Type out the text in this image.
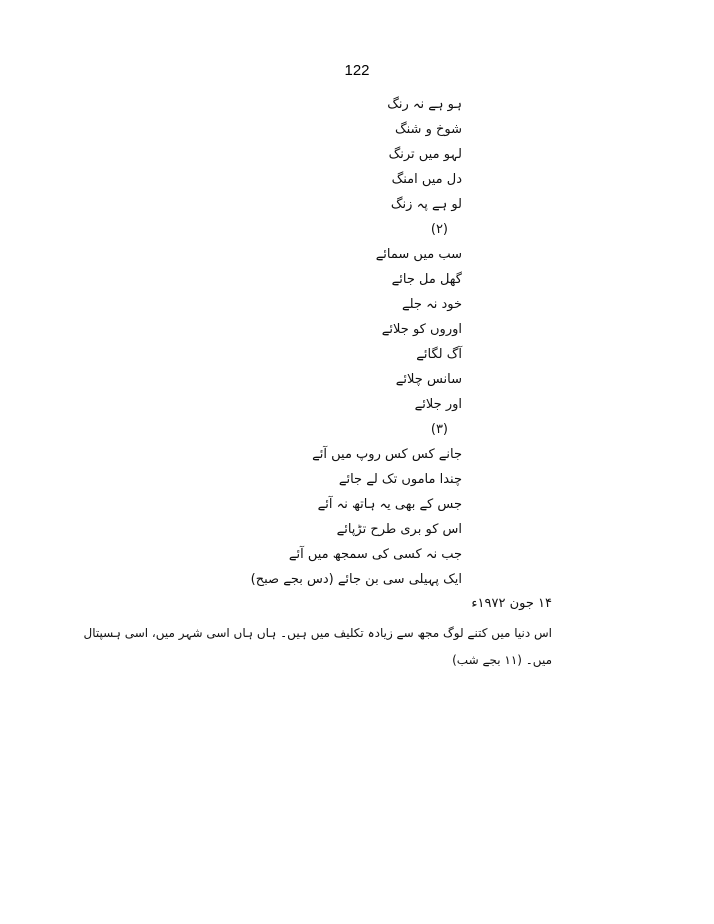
122
ہو ہے نہ رنگ
شوخ و شنگ
لہو میں ترنگ
دل میں امنگ
لو ہے پہ زنگ
(۲)
سب میں سمائے
گھل مل جائے
خود نہ جلے
اوروں کو جلائے
آگ لگائے
سانس چلائے
اور جلائے
(۳)
جانے کس کس روپ میں آئے
چندا ماموں تک لے جائے
جس کے بھی یہ ہاتھ نہ آئے
اس کو بری طرح تڑپائے
جب نہ کسی کی سمجھ میں آئے
ایک پہیلی سی بن جائے (دس بجے صبح)
۱۴ جون ۱۹۷۲ء
اس دنیا میں کتنے لوگ مجھ سے زیادہ تکلیف میں ہیں۔ ہاں ہاں اسی شہر میں، اسی ہسپتال
میں۔ (۱۱ بجے شب)
